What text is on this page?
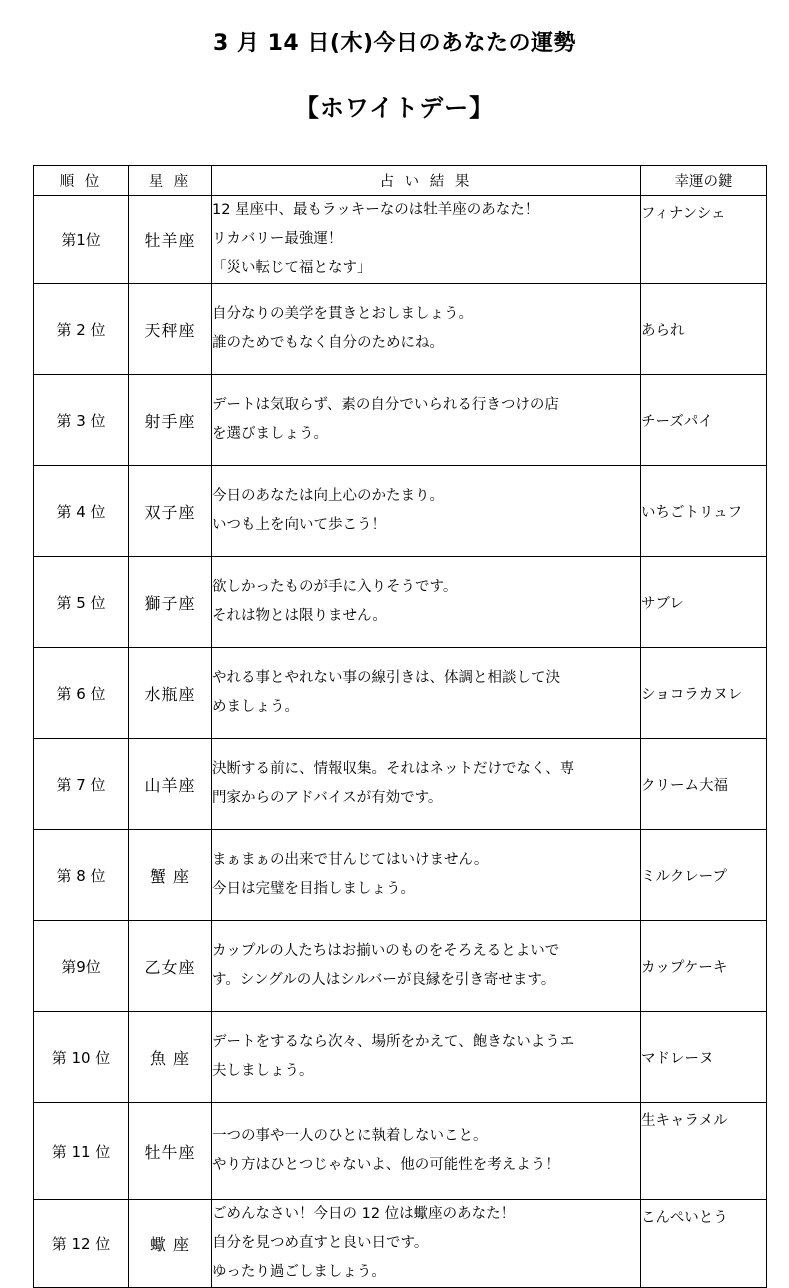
3 月 14 日(木)今日のあなたの運勢
【ホワイトデー】
順 位	星 座	占 い 結 果	幸運の鍵
第1位	牡羊座	12 星座中、最もラッキーなのは牡羊座のあなた！
リカバリー最強運！
「災い転じて福となす」	フィナンシェ
第 2 位	天秤座	自分なりの美学を貫きとおしましょう。
誰のためでもなく自分のためにね。	あられ
第 3 位	射手座	デートは気取らず、素の自分でいられる行きつけの店
を選びましょう。	チーズパイ
第 4 位	双子座	今日のあなたは向上心のかたまり。
いつも上を向いて歩こう！	いちごトリュフ
第 5 位	獅子座	欲しかったものが手に入りそうです。
それは物とは限りません。	サブレ
第 6 位	水瓶座	やれる事とやれない事の線引きは、体調と相談して決
めましょう。	ショコラカヌレ
第 7 位	山羊座	決断する前に、情報収集。それはネットだけでなく、専
門家からのアドバイスが有効です。	クリーム大福
第 8 位	蟹 座	まぁまぁの出来で甘んじてはいけません。
今日は完璧を目指しましょう。	ミルクレープ
第9位	乙女座	カップルの人たちはお揃いのものをそろえるとよいで
す。シングルの人はシルバーが良縁を引き寄せます。	カップケーキ
第 10 位	魚 座	デートをするなら次々、場所をかえて、飽きないようエ
夫しましょう。	マドレーヌ
第 11 位	牡牛座	一つの事や一人のひとに執着しないこと。
やり方はひとつじゃないよ、他の可能性を考えよう！	生キャラメル
第 12 位	蠍 座	ごめんなさい！今日の 12 位は蠍座のあなた！
自分を見つめ直すと良い日です。
ゆったり過ごしましょう。	こんぺいとう
